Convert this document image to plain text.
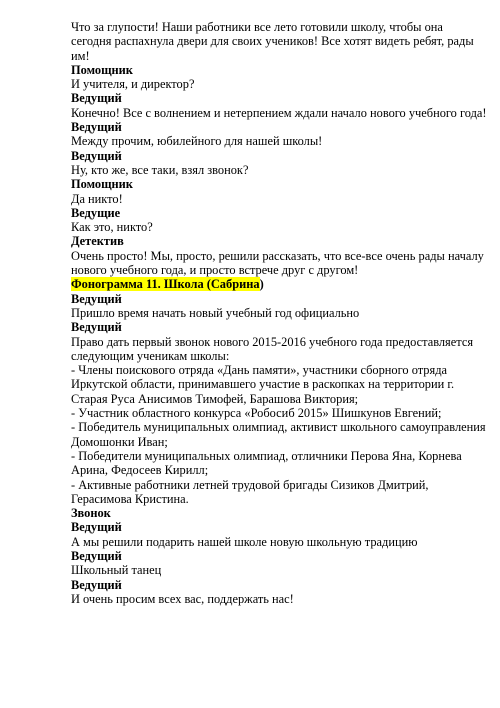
Что за глупости! Наши работники все лето готовили школу, чтобы она
сегодня распахнула двери для своих учеников! Все хотят видеть ребят, рады
им!
Помощник
И учителя, и директор?
Ведущий
Конечно! Все с волнением и нетерпением ждали начало нового учебного года!
Ведущий
Между прочим, юбилейного для нашей школы!
Ведущий
Ну, кто же, все таки, взял звонок?
Помощник
Да никто!
Ведущие
Как это, никто?
Детектив
Очень просто! Мы, просто, решили рассказать, что все-все очень рады началу
нового учебного года, и просто встрече друг с другом!
Фонограмма 11. Школа (Сабрина)
Ведущий
Пришло время начать новый учебный год официально
Ведущий
Право дать первый звонок нового 2015-2016 учебного года предоставляется
следующим ученикам школы:
- Члены поискового отряда «Дань памяти», участники сборного отряда
Иркутской области, принимавшего участие в раскопках на территории г.
Старая Руса Анисимов Тимофей, Барашова Виктория;
- Участник областного конкурса «Робосиб 2015» Шишкунов Евгений;
- Победитель муниципальных олимпиад, активист школьного самоуправления
Домошонки Иван;
- Победители муниципальных олимпиад, отличники Перова Яна, Корнева
Арина, Федосеев Кирилл;
- Активные работники летней трудовой бригады Сизиков Дмитрий,
Герасимова Кристина.
Звонок
Ведущий
А мы решили подарить нашей школе новую школьную традицию
Ведущий
Школьный танец
Ведущий
И очень просим всех вас, поддержать нас!
